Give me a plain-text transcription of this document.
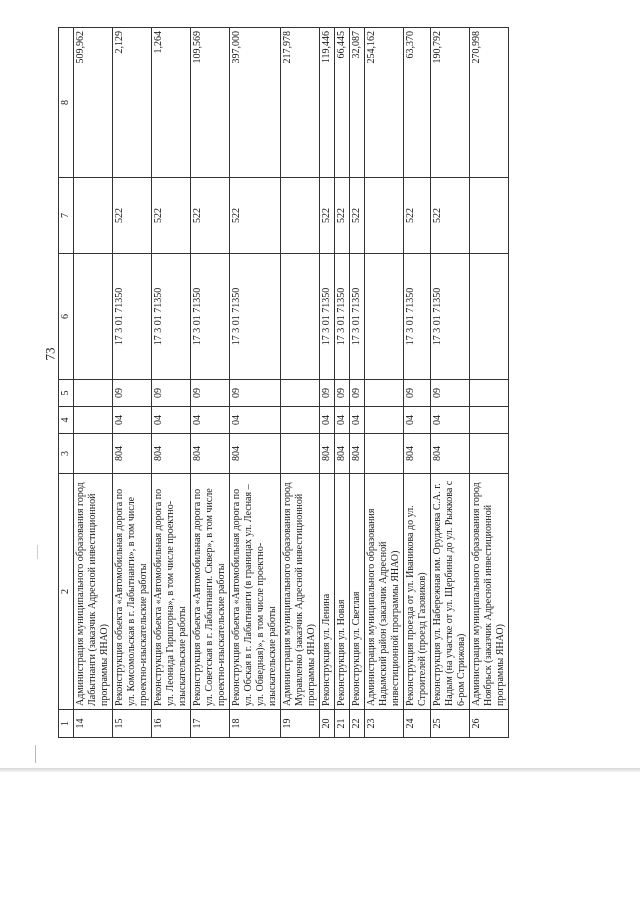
73
1	2	3	4	5	6	7	8
14	Администрация муниципального образования город Лабытнанги (заказчик Адресной инвестиционной программы ЯНАО)						509,962
15	Реконструкция объекта «Автомобильная дорога по ул. Комсомольская в г. Лабытнанги», в том числе проектно-изыскательские работы	804	04	09	17 3 01 71350	522	2,129
16	Реконструкция объекта «Автомобильная дорога по ул. Леонида Гиршгорна», в том числе проектно-изыскательские работы	804	04	09	17 3 01 71350	522	1,264
17	Реконструкция объекта «Автомобильная дорога по ул. Советская в г. Лабытнанги. Сквер», в том числе проектно-изыскательские работы	804	04	09	17 3 01 71350	522	109,569
18	Реконструкция объекта «Автомобильная дорога по ул. Обская в г. Лабытнанги (в границах ул. Лесная – ул. Обведная)», в том числе проектно-изыскательские работы	804	04	09	17 3 01 71350	522	397,000
19	Администрация муниципального образования город Муравленко (заказчик Адресной инвестиционной программы ЯНАО)						217,978
20	Реконструкция ул. Ленина	804	04	09	17 3 01 71350	522	119,446
21	Реконструкция ул. Новая	804	04	09	17 3 01 71350	522	66,445
22	Реконструкция ул. Светлая	804	04	09	17 3 01 71350	522	32,087
23	Администрация муниципального образования Надымский район (заказчик Адресной инвестиционной программы ЯНАО)						254,162
24	Реконструкция проезда от ул. Иваникова до ул. Строителей (проезд Газовиков)	804	04	09	17 3 01 71350	522	63,370
25	Реконструкция ул. Набережная им. Оруджева С.А. г. Надым (на участке от ул. Щербины до ул. Рыжкова с 6-ром Стрижова)	804	04	09	17 3 01 71350	522	190,792
26	Администрация муниципального образования город Ноябрьск (заказчик Адресной инвестиционной программы ЯНАО)						270,998
